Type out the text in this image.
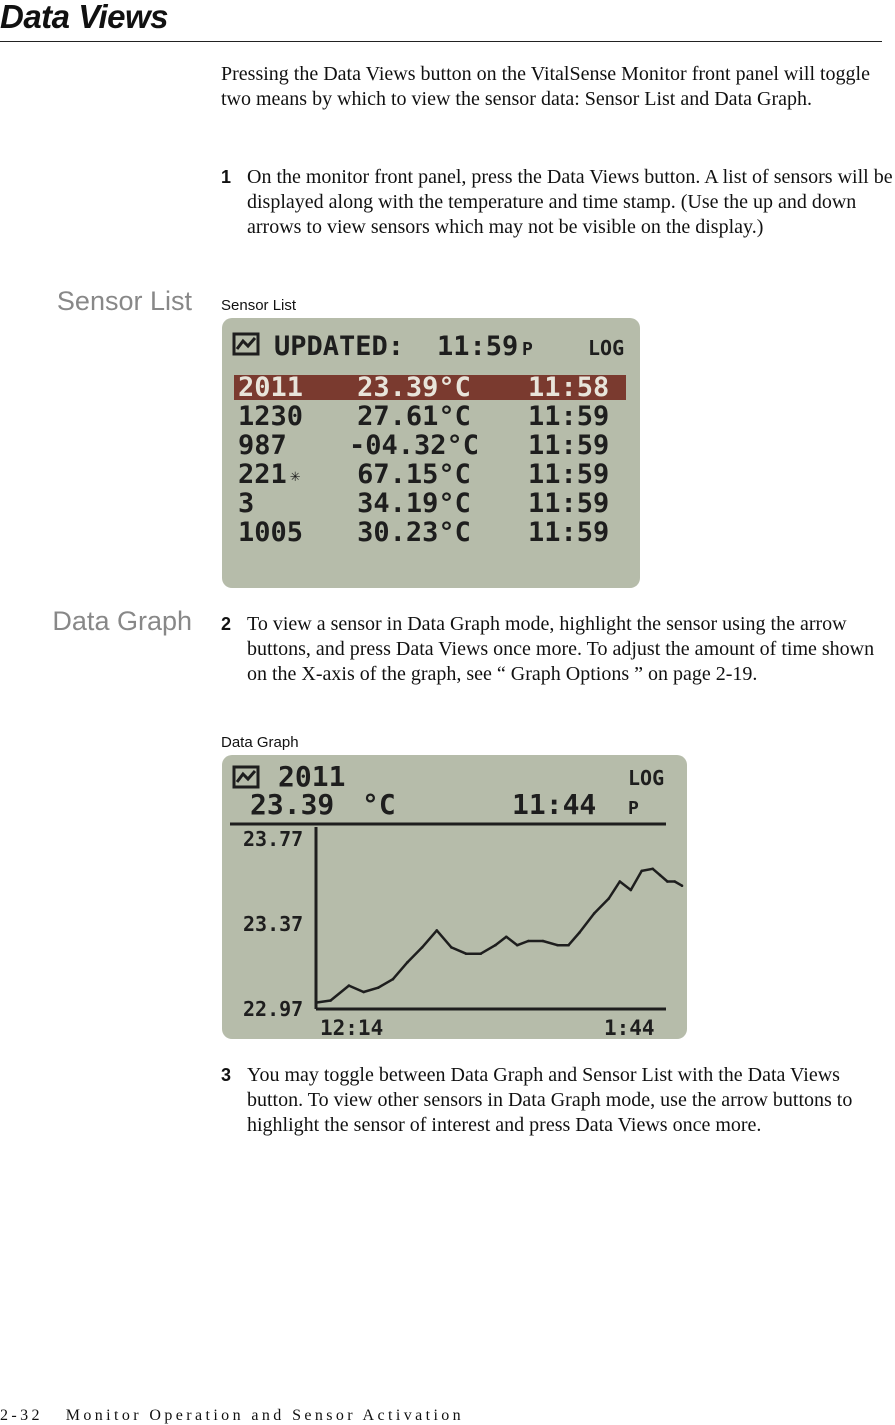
Data Views

Pressing the Data Views button on the VitalSense Monitor front panel will toggle two means by which to view the sensor data: Sensor List and Data Graph.

1 On the monitor front panel, press the Data Views button. A list of sensors will be displayed along with the temperature and time stamp. (Use the up and down arrows to view sensors which may not be visible on the display.)
Sensor List Sensor List
UPDATED: 11:59 P	LOG
2011 23.39°C 11:58
1230 27.61°C 11:59
987 -04.32°C 11:59
221 ✳ 67.15°C 11:59
3	34.19°C 11:59
1005 30.23°C 11:59
Data Graph 2 To view a sensor in Data Graph mode, highlight the sensor using the arrow buttons, and press Data Views once more. To adjust the amount of time shown on the X-axis of the graph, see “ Graph Options ” on page 2-19.
Data Graph
2011	LOG
23.39 °C	11:44 P
23.77
23.37
22.97
12:14	1:44
3 You may toggle between Data Graph and Sensor List with the Data Views button. To view other sensors in Data Graph mode, use the arrow buttons to highlight the sensor of interest and press Data Views once more.
2-32 Monitor Operation and Sensor Activation
